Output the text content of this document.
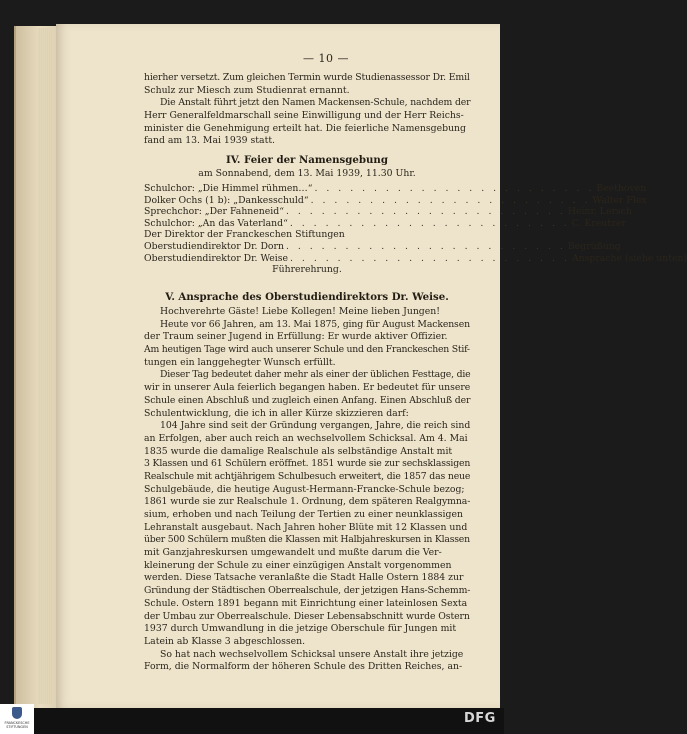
— 10 —
hierher versetzt. Zum gleichen Termin wurde Studienassessor Dr. Emil
Schulz zur Miesch zum Studienrat ernannt.
Die Anstalt führt jetzt den Namen Mackensen-Schule, nachdem der
Herr Generalfeldmarschall seine Einwilligung und der Herr Reichs-
minister die Genehmigung erteilt hat. Die feierliche Namensgebung
fand am 13. Mai 1939 statt.
IV. Feier der Namensgebung
am Sonnabend, dem 13. Mai 1939, 11.30 Uhr.
Schulchor: „Die Himmel rühmen…“ . . . . . . . . . . . . . . . . . . . . . . . . Beethoven
Dolker Ochs (1 b): „Dankesschuld“ . . . . . . . . . . . . . . . . . . . . . . . . Walter Flex
Sprechchor: „Der Fahneneid“ . . . . . . . . . . . . . . . . . . . . . . . . Heinr. Lersch
Schulchor: „An das Vaterland“ . . . . . . . . . . . . . . . . . . . . . . . . C. Kreutzer
Der Direktor der Franckeschen Stiftungen
Oberstudiendirektor Dr. Dorn . . . . . . . . . . . . . . . . . . . . . . . . Begrüßung
Oberstudiendirektor Dr. Weise . . . . . . . . . . . . . . . . . . . . . . . . Ansprache (siehe unten)
Führerehrung.
V. Ansprache des Oberstudiendirektors Dr. Weise.
Hochverehrte Gäste! Liebe Kollegen! Meine lieben Jungen!
Heute vor 66 Jahren, am 13. Mai 1875, ging für August Mackensen
der Traum seiner Jugend in Erfüllung: Er wurde aktiver Offizier.
Am heutigen Tage wird auch unserer Schule und den Franckeschen Stif-
tungen ein langgehegter Wunsch erfüllt.
Dieser Tag bedeutet daher mehr als einer der üblichen Festtage, die
wir in unserer Aula feierlich begangen haben. Er bedeutet für unsere
Schule einen Abschluß und zugleich einen Anfang. Einen Abschluß der
Schulentwicklung, die ich in aller Kürze skizzieren darf:
104 Jahre sind seit der Gründung vergangen, Jahre, die reich sind
an Erfolgen, aber auch reich an wechselvollem Schicksal. Am 4. Mai
1835 wurde die damalige Realschule als selbständige Anstalt mit
3 Klassen und 61 Schülern eröffnet. 1851 wurde sie zur sechsklassigen
Realschule mit achtjährigem Schulbesuch erweitert, die 1857 das neue
Schulgebäude, die heutige August-Hermann-Francke-Schule bezog;
1861 wurde sie zur Realschule 1. Ordnung, dem späteren Realgymna-
sium, erhoben und nach Teilung der Tertien zu einer neunklassigen
Lehranstalt ausgebaut. Nach Jahren hoher Blüte mit 12 Klassen und
über 500 Schülern mußten die Klassen mit Halbjahreskursen in Klassen
mit Ganzjahreskursen umgewandelt und mußte darum die Ver-
kleinerung der Schule zu einer einzügigen Anstalt vorgenommen
werden. Diese Tatsache veranlaßte die Stadt Halle Ostern 1884 zur
Gründung der Städtischen Oberrealschule, der jetzigen Hans-Schemm-
Schule. Ostern 1891 begann mit Einrichtung einer lateinlosen Sexta
der Umbau zur Oberrealschule. Dieser Lebensabschnitt wurde Ostern
1937 durch Umwandlung in die jetzige Oberschule für Jungen mit
Latein ab Klasse 3 abgeschlossen.
So hat nach wechselvollem Schicksal unsere Anstalt ihre jetzige
Form, die Normalform der höheren Schule des Dritten Reiches, an-
FRANCKESCHE STIFTUNGEN
DFG
